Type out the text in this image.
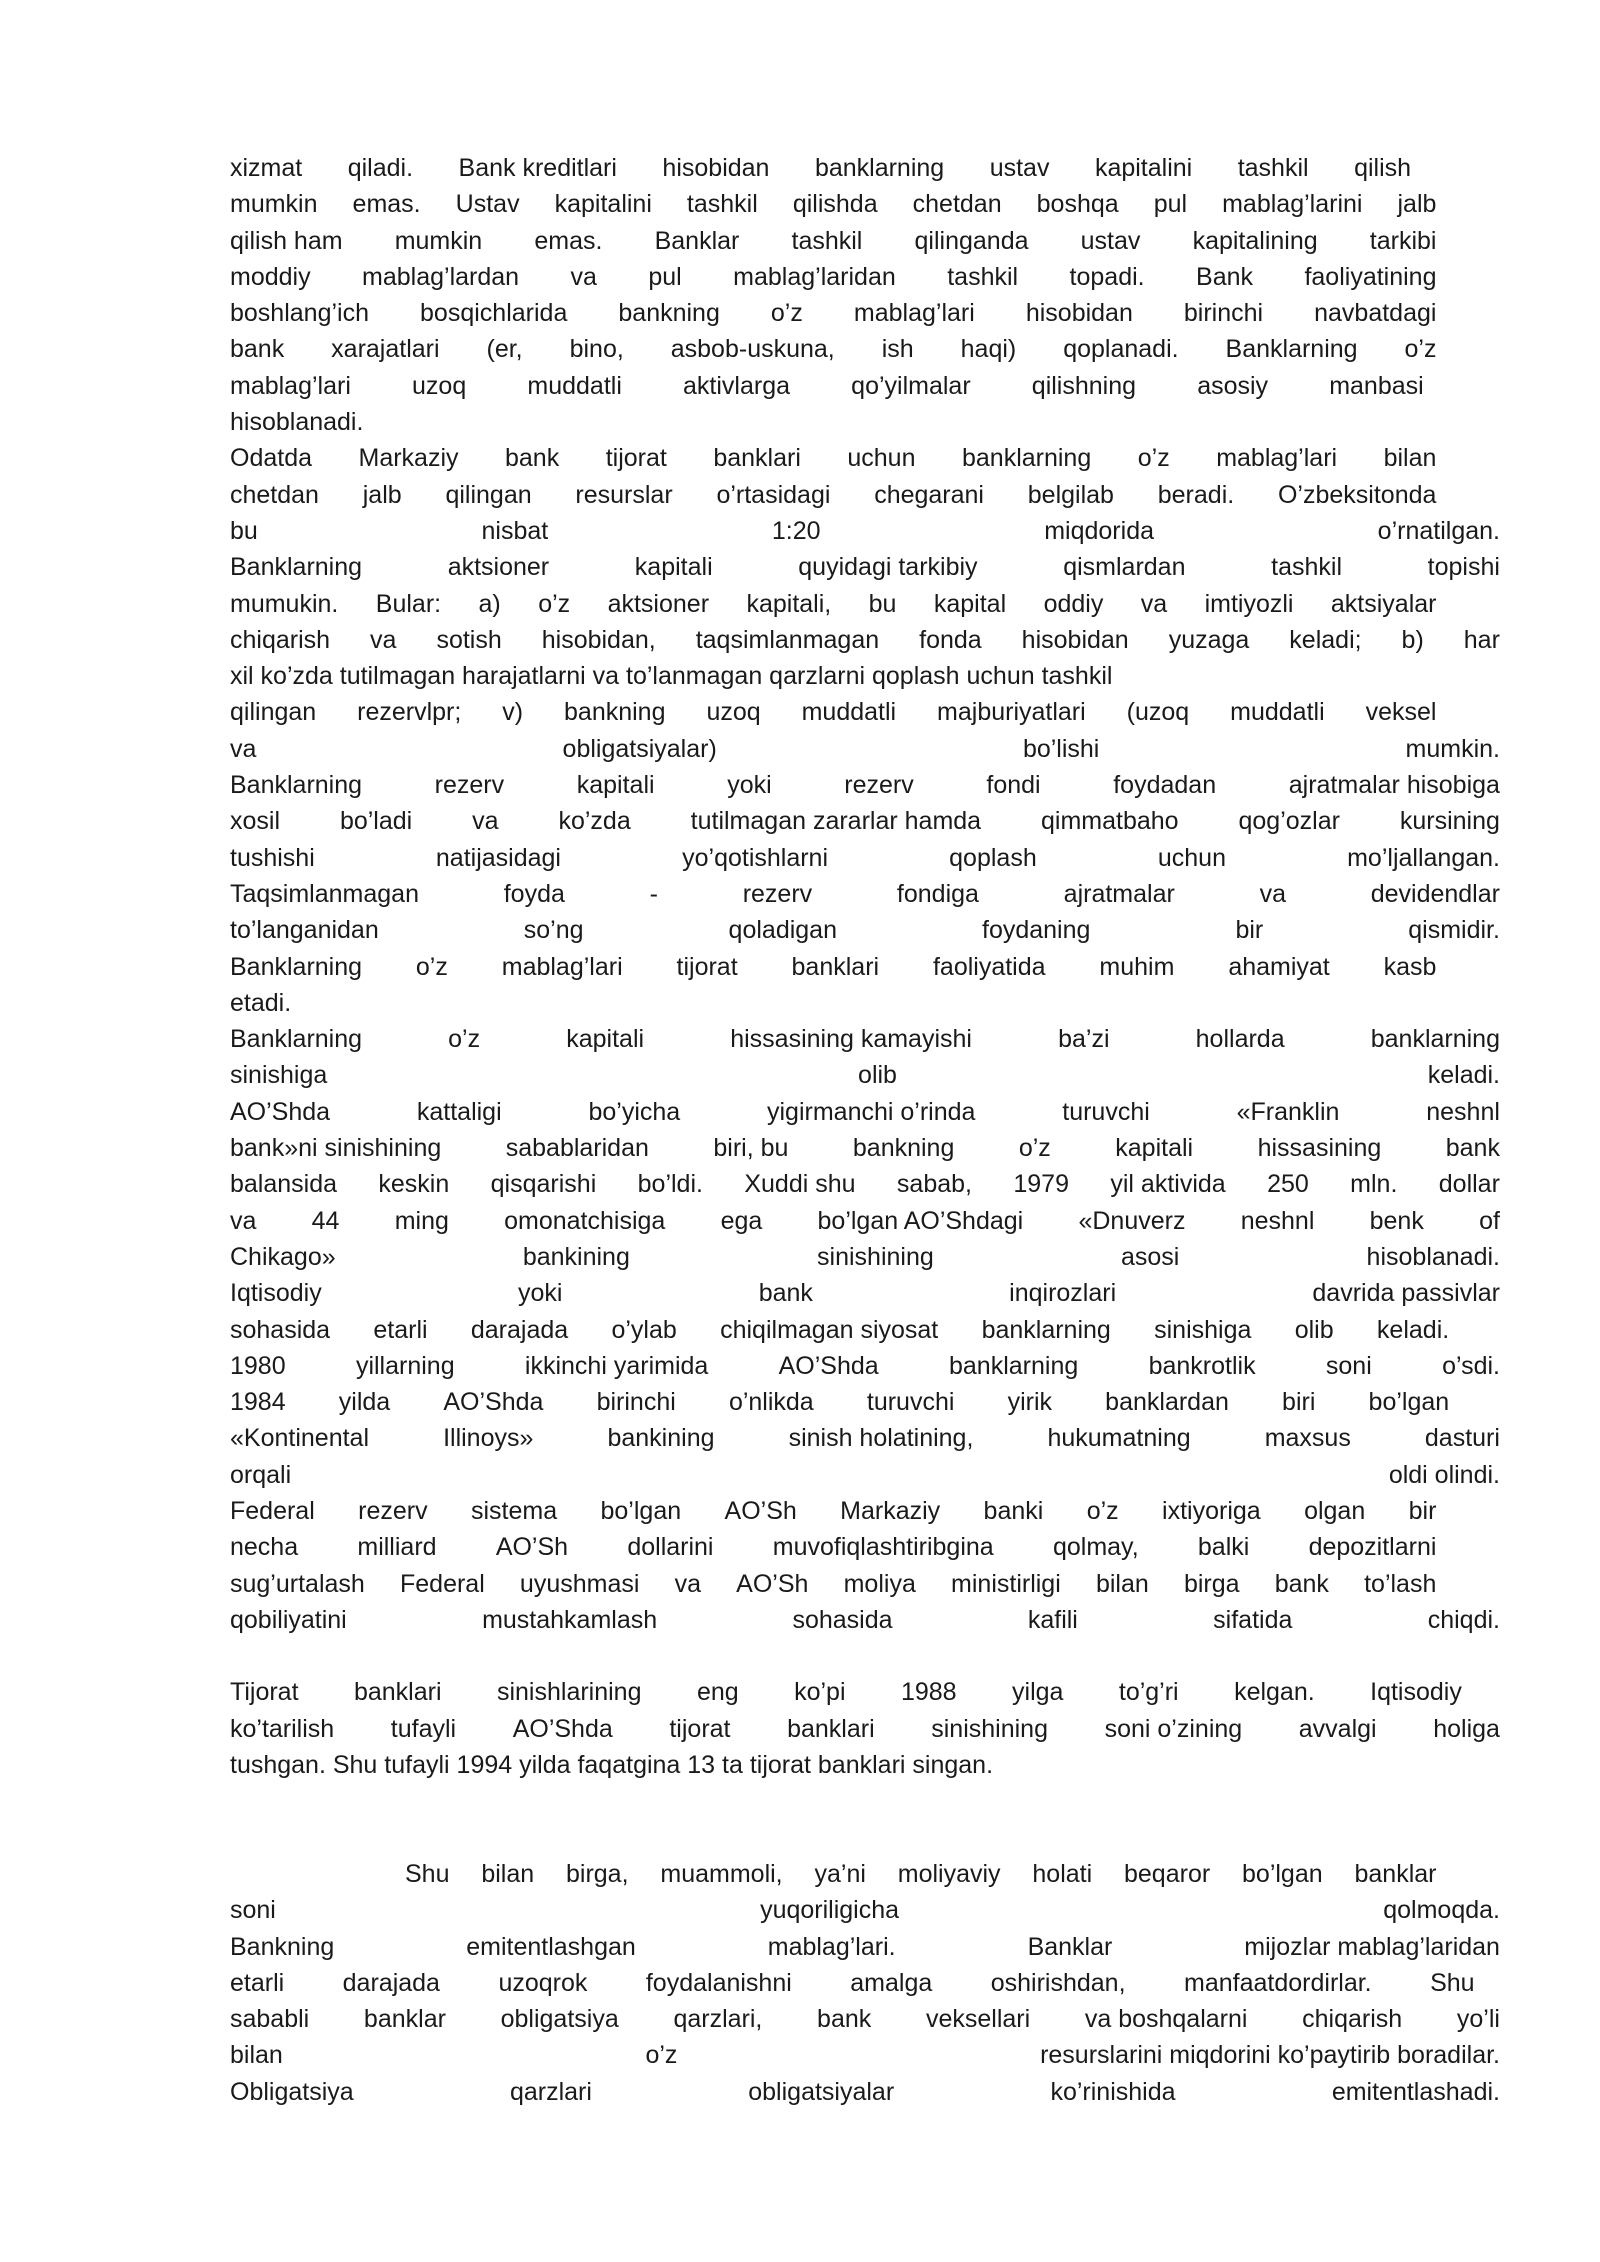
xizmat qiladi. Bank kreditlari hisobidan banklarning ustav kapitalini tashkil qilish
mumkin emas. Ustav kapitalini tashkil qilishda chetdan boshqa pul mablag’larini jalb
qilish ham mumkin emas. Banklar tashkil qilinganda ustav kapitalining tarkibi
moddiy mablag’lardan va pul mablag’laridan tashkil topadi. Bank faoliyatining
boshlang’ich bosqichlarida bankning o’z mablag’lari hisobidan birinchi navbatdagi
bank xarajatlari (er, bino, asbob-uskuna, ish haqi) qoplanadi. Banklarning o’z
mablag’lari uzoq muddatli aktivlarga qo’yilmalar qilishning asosiy manbasi
hisoblanadi.
Odatda Markaziy bank tijorat banklari uchun banklarning o’z mablag’lari bilan
chetdan jalb qilingan resurslar o’rtasidagi chegarani belgilab beradi. O’zbeksitonda
bu	nisbat	1:20	miqdorida	o’rnatilgan.
Banklarning	aktsioner	kapitali	quyidagi tarkibiy	qismlardan	tashkil	topishi
mumukin. Bular: a) o’z aktsioner kapitali, bu kapital oddiy va imtiyozli aktsiyalar
chiqarish va sotish hisobidan, taqsimlanmagan fonda hisobidan yuzaga keladi; b) har
xil ko’zda tutilmagan harajatlarni va to’lanmagan qarzlarni qoplash uchun tashkil
qilingan rezervlpr; v) bankning uzoq muddatli majburiyatlari (uzoq muddatli veksel
va	obligatsiyalar)	bo’lishi	mumkin.
Banklarning	rezerv	kapitali	yoki	rezerv	fondi	foydadan	ajratmalar hisobiga
xosil bo’ladi va ko’zda tutilmagan zararlar hamda qimmatbaho qog’ozlar kursining
tushishi	natijasidagi	yo’qotishlarni	qoplash	uchun	mo’ljallangan.
Taqsimlanmagan	foyda	-	rezerv	fondiga	ajratmalar	va	devidendlar
to’langanidan	so’ng	qoladigan	foydaning	bir	qismidir.
Banklarning o’z mablag’lari tijorat banklari faoliyatida muhim ahamiyat kasb
etadi.
Banklarning	o’z	kapitali	hissasining kamayishi	ba’zi	hollarda	banklarning
sinishiga	olib	keladi.
AO’Shda	kattaligi	bo’yicha	yigirmanchi o’rinda	turuvchi	«Franklin	neshnl
bank»ni sinishining	sabablaridan	biri, bu	bankning	o’z	kapitali	hissasining	bank
balansida keskin qisqarishi bo’ldi. Xuddi shu sabab, 1979 yil aktivida 250 mln. dollar
va 44 ming omonatchisiga ega bo’lgan AO’Shdagi «Dnuverz neshnl benk of
Chikago»	bankining	sinishining	asosi	hisoblanadi.
Iqtisodiy	yoki	bank	inqirozlari	davrida passivlar
sohasida etarli darajada o’ylab chiqilmagan siyosat banklarning sinishiga olib keladi.
1980	yillarning	ikkinchi yarimida	AO’Shda	banklarning	bankrotlik	soni	o’sdi.
1984 yilda AO’Shda birinchi o’nlikda turuvchi yirik banklardan biri bo’lgan
«Kontinental	Illinoys»	bankining	sinish holatining,	hukumatning	maxsus	dasturi
orqali	oldi olindi.
Federal rezerv sistema bo’lgan AO’Sh Markaziy banki o’z ixtiyoriga olgan bir
necha milliard AO’Sh dollarini muvofiqlashtiribgina qolmay, balki depozitlarni
sug’urtalash Federal uyushmasi va AO’Sh moliya ministirligi bilan birga bank to’lash
qobiliyatini	mustahkamlash	sohasida	kafili	sifatida	chiqdi.
Tijorat banklari sinishlarining eng ko’pi 1988 yilga to’g’ri kelgan. Iqtisodiy
ko’tarilish tufayli AO’Shda tijorat banklari sinishining soni o’zining avvalgi holiga
tushgan. Shu tufayli 1994 yilda faqatgina 13 ta tijorat banklari singan.
Shu bilan birga, muammoli, ya’ni moliyaviy holati beqaror bo’lgan banklar
soni	yuqoriligicha	qolmoqda.
Bankning	emitentlashgan	mablag’lari.	Banklar	mijozlar mablag’laridan
etarli darajada uzoqrok foydalanishni amalga oshirishdan, manfaatdordirlar. Shu
sababli banklar obligatsiya qarzlari, bank veksellari va boshqalarni chiqarish yo’li
bilan	o’z	resurslarini miqdorini ko’paytirib boradilar.
Obligatsiya	qarzlari	obligatsiyalar	ko’rinishida	emitentlashadi.
